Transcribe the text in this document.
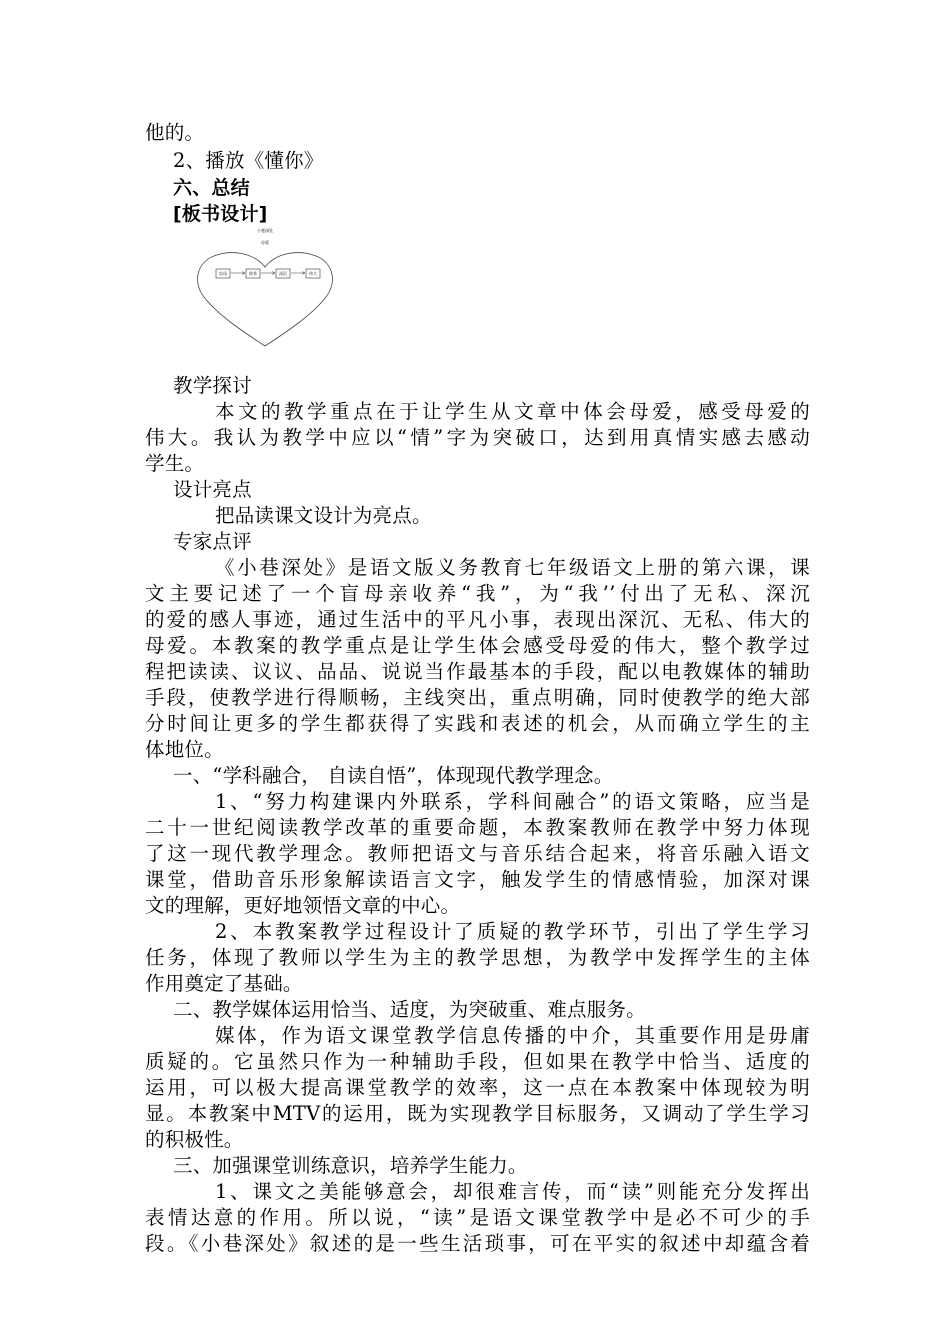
他的。
2、播放《懂你》
六、总结
[板书设计]
小巷深处
母爱
盲母	收养	深沉	伟大
教学探讨
本文的教学重点在于让学生从文章中体会母爱，感受母爱的
伟大。我认为教学中应以“情”字为突破口，达到用真情实感去感动
学生。
设计亮点
把品读课文设计为亮点。
专家点评
《小巷深处》是语文版义务教育七年级语文上册的第六课，课
文主要记述了一个盲母亲收养“我”，为“我’’付出了无私、深沉
的爱的感人事迹，通过生活中的平凡小事，表现出深沉、无私、伟大的
母爱。本教案的教学重点是让学生体会感受母爱的伟大，整个教学过
程把读读、议议、品品、说说当作最基本的手段，配以电教媒体的辅助
手段，使教学进行得顺畅，主线突出，重点明确，同时使教学的绝大部
分时间让更多的学生都获得了实践和表述的机会，从而确立学生的主
体地位。
一、“学科融合， 自读自悟”，体现现代教学理念。
1、“努力构建课内外联系，学科间融合”的语文策略，应当是
二十一世纪阅读教学改革的重要命题，本教案教师在教学中努力体现
了这一现代教学理念。教师把语文与音乐结合起来，将音乐融入语文
课堂，借助音乐形象解读语言文字，触发学生的情感情验，加深对课
文的理解，更好地领悟文章的中心。
2、本教案教学过程设计了质疑的教学环节，引出了学生学习
任务，体现了教师以学生为主的教学思想，为教学中发挥学生的主体
作用奠定了基础。
二、教学媒体运用恰当、适度，为突破重、难点服务。
媒体，作为语文课堂教学信息传播的中介，其重要作用是毋庸
质疑的。它虽然只作为一种辅助手段，但如果在教学中恰当、适度的
运用，可以极大提高课堂教学的效率，这一点在本教案中体现较为明
显。本教案中MTV的运用，既为实现教学目标服务，又调动了学生学习
的积极性。
三、加强课堂训练意识，培养学生能力。
1、课文之美能够意会，却很难言传，而“读”则能充分发挥出
表情达意的作用。所以说，“读”是语文课堂教学中是必不可少的手
段。《小巷深处》叙述的是一些生活琐事，可在平实的叙述中却蕴含着
